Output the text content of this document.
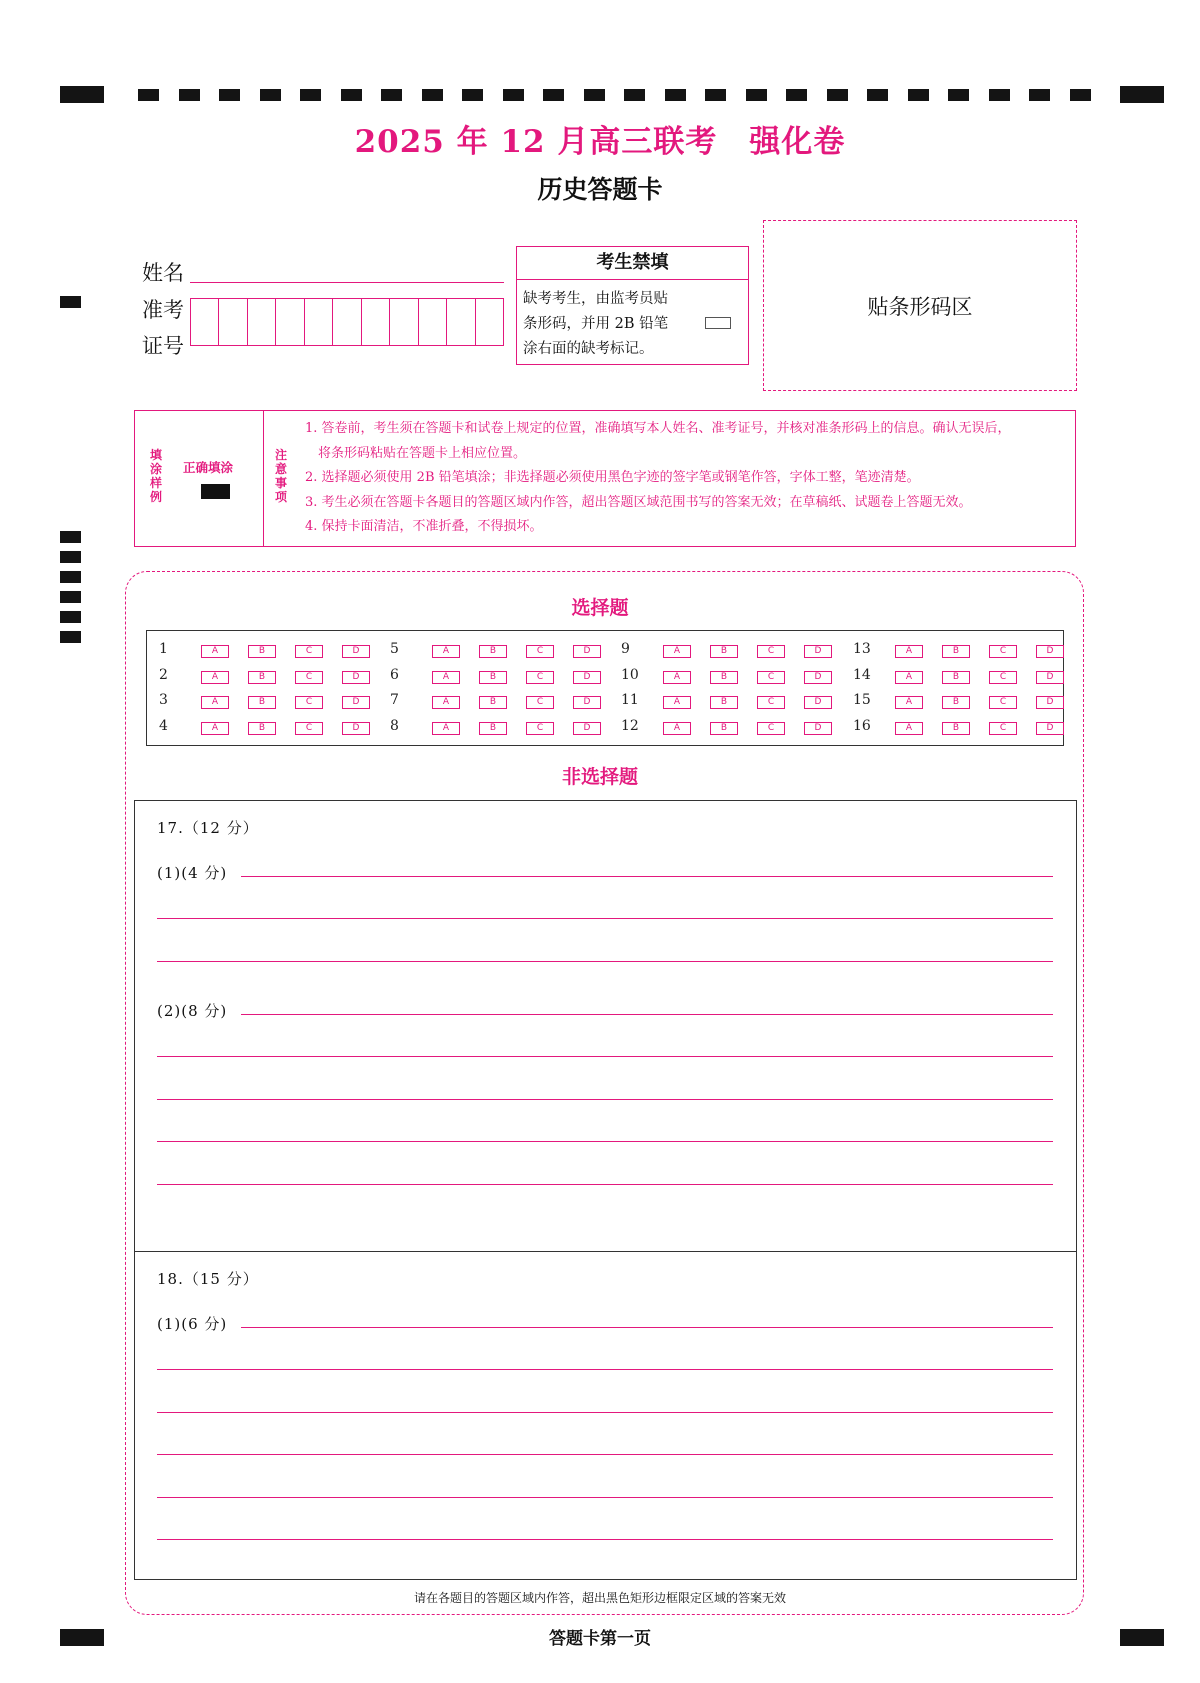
2025 年 12 月高三联考　强化卷
历史答题卡
姓名
准考
证号
考生禁填
缺考考生，由监考员贴
条形码，并用 2B 铅笔
涂右面的缺考标记。
贴条形码区
填涂样例
正确填涂
注意事项
1. 答卷前，考生须在答题卡和试卷上规定的位置，准确填写本人姓名、准考证号，并核对准条形码上的信息。确认无误后，
　将条形码粘贴在答题卡上相应位置。
2. 选择题必须使用 2B 铅笔填涂；非选择题必须使用黑色字迹的签字笔或钢笔作答，字体工整，笔迹清楚。
3. 考生必须在答题卡各题目的答题区域内作答，超出答题区域范围书写的答案无效；在草稿纸、试题卷上答题无效。
4. 保持卡面清洁，不准折叠，不得损坏。
选择题
1	A	B	C	D
2	A	B	C	D
3	A	B	C	D
4	A	B	C	D
5	A	B	C	D
6	A	B	C	D
7	A	B	C	D
8	A	B	C	D
9	A	B	C	D
10	A	B	C	D
11	A	B	C	D
12	A	B	C	D
13	A	B	C	D
14	A	B	C	D
15	A	B	C	D
16	A	B	C	D
非选择题
17.（12 分）
(1)(4 分)
(2)(8 分)
18.（15 分）
(1)(6 分)
请在各题目的答题区域内作答，超出黑色矩形边框限定区域的答案无效
答题卡第一页
